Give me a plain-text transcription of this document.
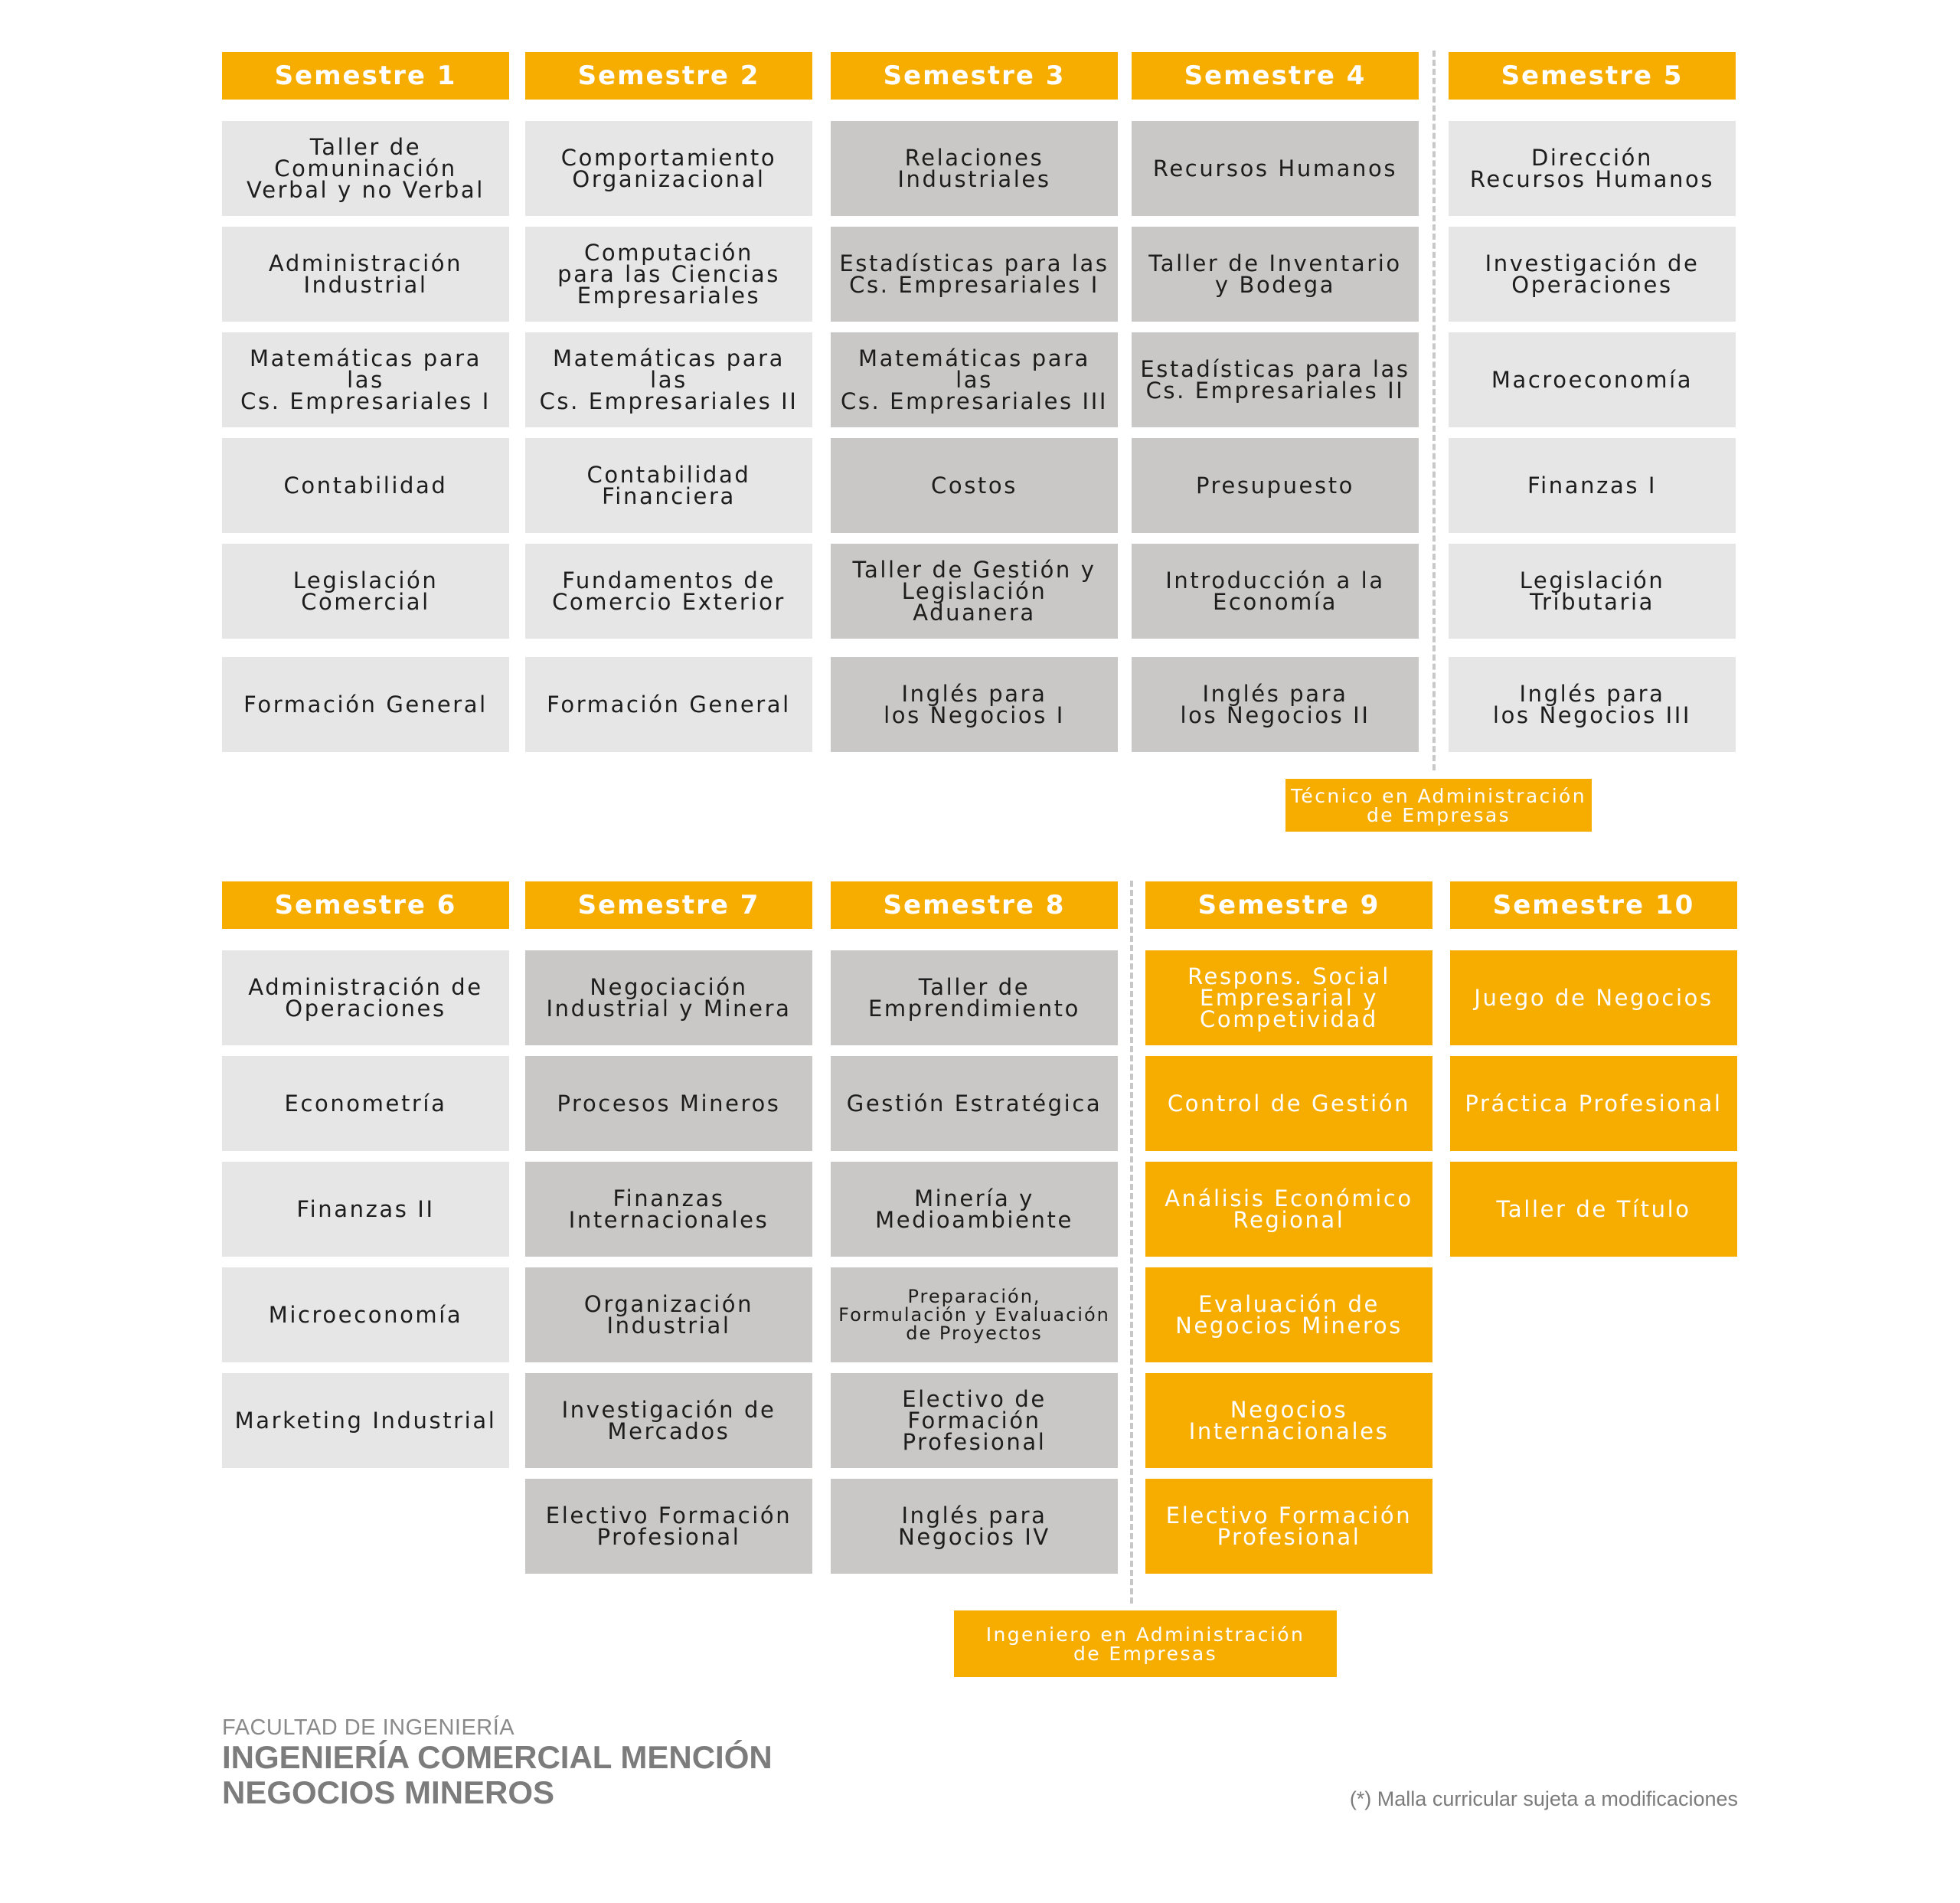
Semestre 1
Taller de Comuninación
Verbal y no Verbal
Administración
Industrial
Matemáticas para las
Cs. Empresariales I
Contabilidad
Legislación
Comercial
Formación General
Semestre 2
Comportamiento
Organizacional
Computación
para las Ciencias
Empresariales
Matemáticas para las
Cs. Empresariales II
Contabilidad
Financiera
Fundamentos de
Comercio Exterior
Formación General
Semestre 3
Relaciones
Industriales
Estadísticas para las
Cs. Empresariales I
Matemáticas para las
Cs. Empresariales III
Costos
Taller de Gestión y
Legislación Aduanera
Inglés para
los Negocios I
Semestre 4
Recursos Humanos
Taller de Inventario
y Bodega
Estadísticas para las
Cs. Empresariales II
Presupuesto
Introducción a la
Economía
Inglés para
los Negocios II
Semestre 5
Dirección
Recursos Humanos
Investigación de
Operaciones
Macroeconomía
Finanzas I
Legislación Tributaria
Inglés para
los Negocios III
Semestre 6
Administración de
Operaciones
Econometría
Finanzas II
Microeconomía
Marketing Industrial
Semestre 7
Negociación
Industrial y Minera
Procesos Mineros
Finanzas
Internacionales
Organización
Industrial
Investigación de
Mercados
Electivo Formación
Profesional
Semestre 8
Taller de
Emprendimiento
Gestión Estratégica
Minería y
Medioambiente
Preparación,
Formulación y Evaluación
de Proyectos
Electivo de Formación
Profesional
Inglés para
Negocios IV
Semestre 9
Respons. Social
Empresarial y
Competividad
Control de Gestión
Análisis Económico
Regional
Evaluación de
Negocios Mineros
Negocios
Internacionales
Electivo Formación
Profesional
Semestre 10
Juego de Negocios
Práctica Profesional
Taller de Título
Técnico en Administración
de Empresas
Ingeniero en Administración
de Empresas
FACULTAD DE INGENIERÍA
INGENIERÍA COMERCIAL MENCIÓN
NEGOCIOS MINEROS	(*) Malla curricular sujeta a modificaciones
